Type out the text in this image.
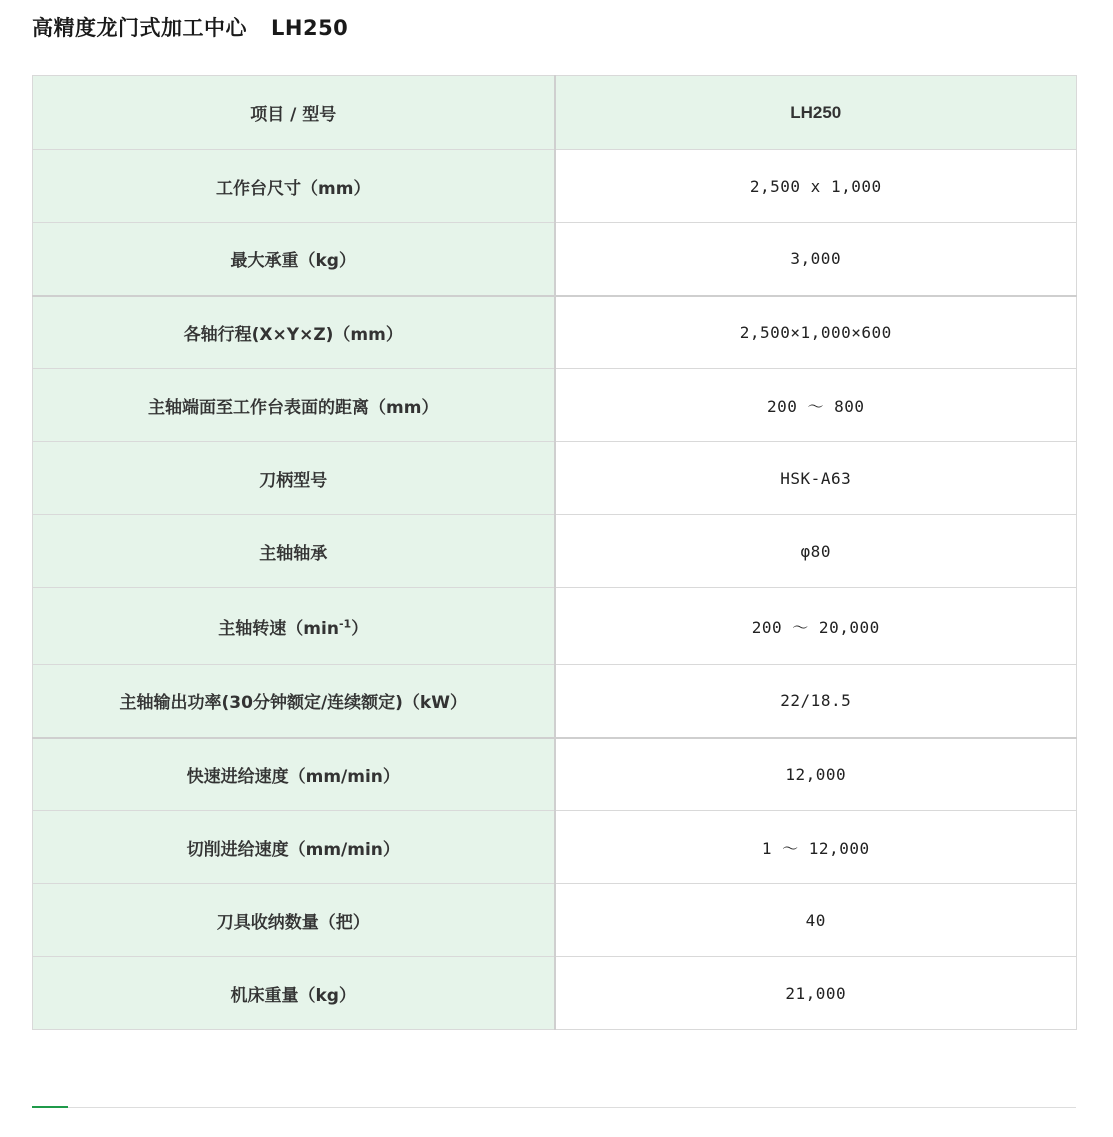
高精度龙门式加工中心 LH250
项目 / 型号	LH250
工作台尺寸（mm）	2,500 x 1,000
最大承重（kg）	3,000
各轴行程(X×Y×Z)（mm）	2,500×1,000×600
主轴端面至工作台表面的距离（mm）	200 ～ 800
刀柄型号	HSK-A63
主轴轴承	φ80
主轴转速$(\min^{-1})$	200 ～ 20,000
主轴输出功率(30分钟额定/连续额定)（kW）	22/18.5
快速进给速度（mm/min）	12,000
切削进给速度（mm/min）	1 ～ 12,000
刀具收纳数量（把）	40
机床重量（kg）	21,000
